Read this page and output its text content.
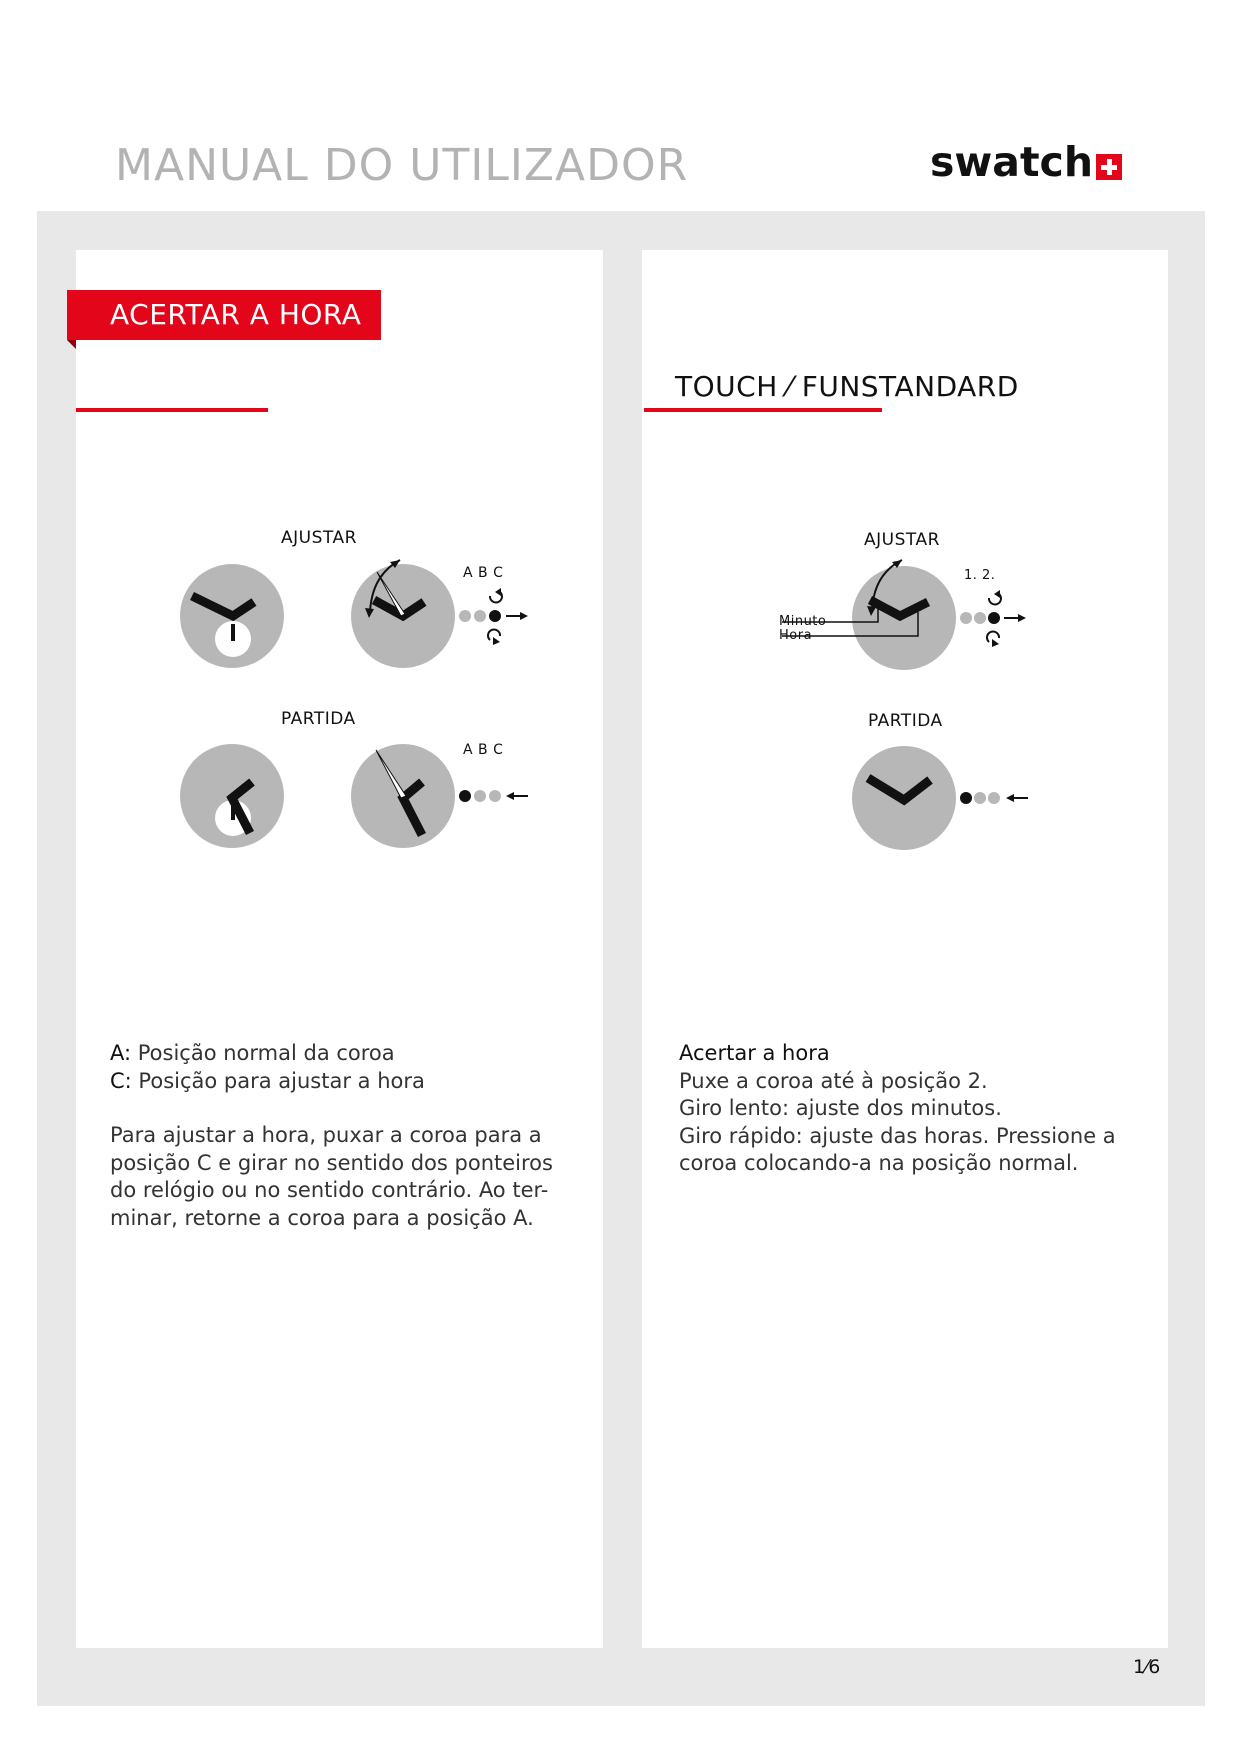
MANUAL DO UTILIZADOR	swatch
ACERTAR A HORA
TOUCH ⁄ FUNSTANDARD
AJUSTAR
PARTIDA
A B C
A B C
AJUSTAR
PARTIDA
1. 2.
Minuto
Hora
A: Posição normal da coroa
C: Posição para ajustar a hora
Para ajustar a hora, puxar a coroa para a
posição C e girar no sentido dos ponteiros
do relógio ou no sentido contrário. Ao ter-
minar, retorne a coroa para a posição A.
Acertar a hora
Puxe a coroa até à posição 2.
Giro lento: ajuste dos minutos.
Giro rápido: ajuste das horas. Pressione a
coroa colocando-a na posição normal.
1⁄6
